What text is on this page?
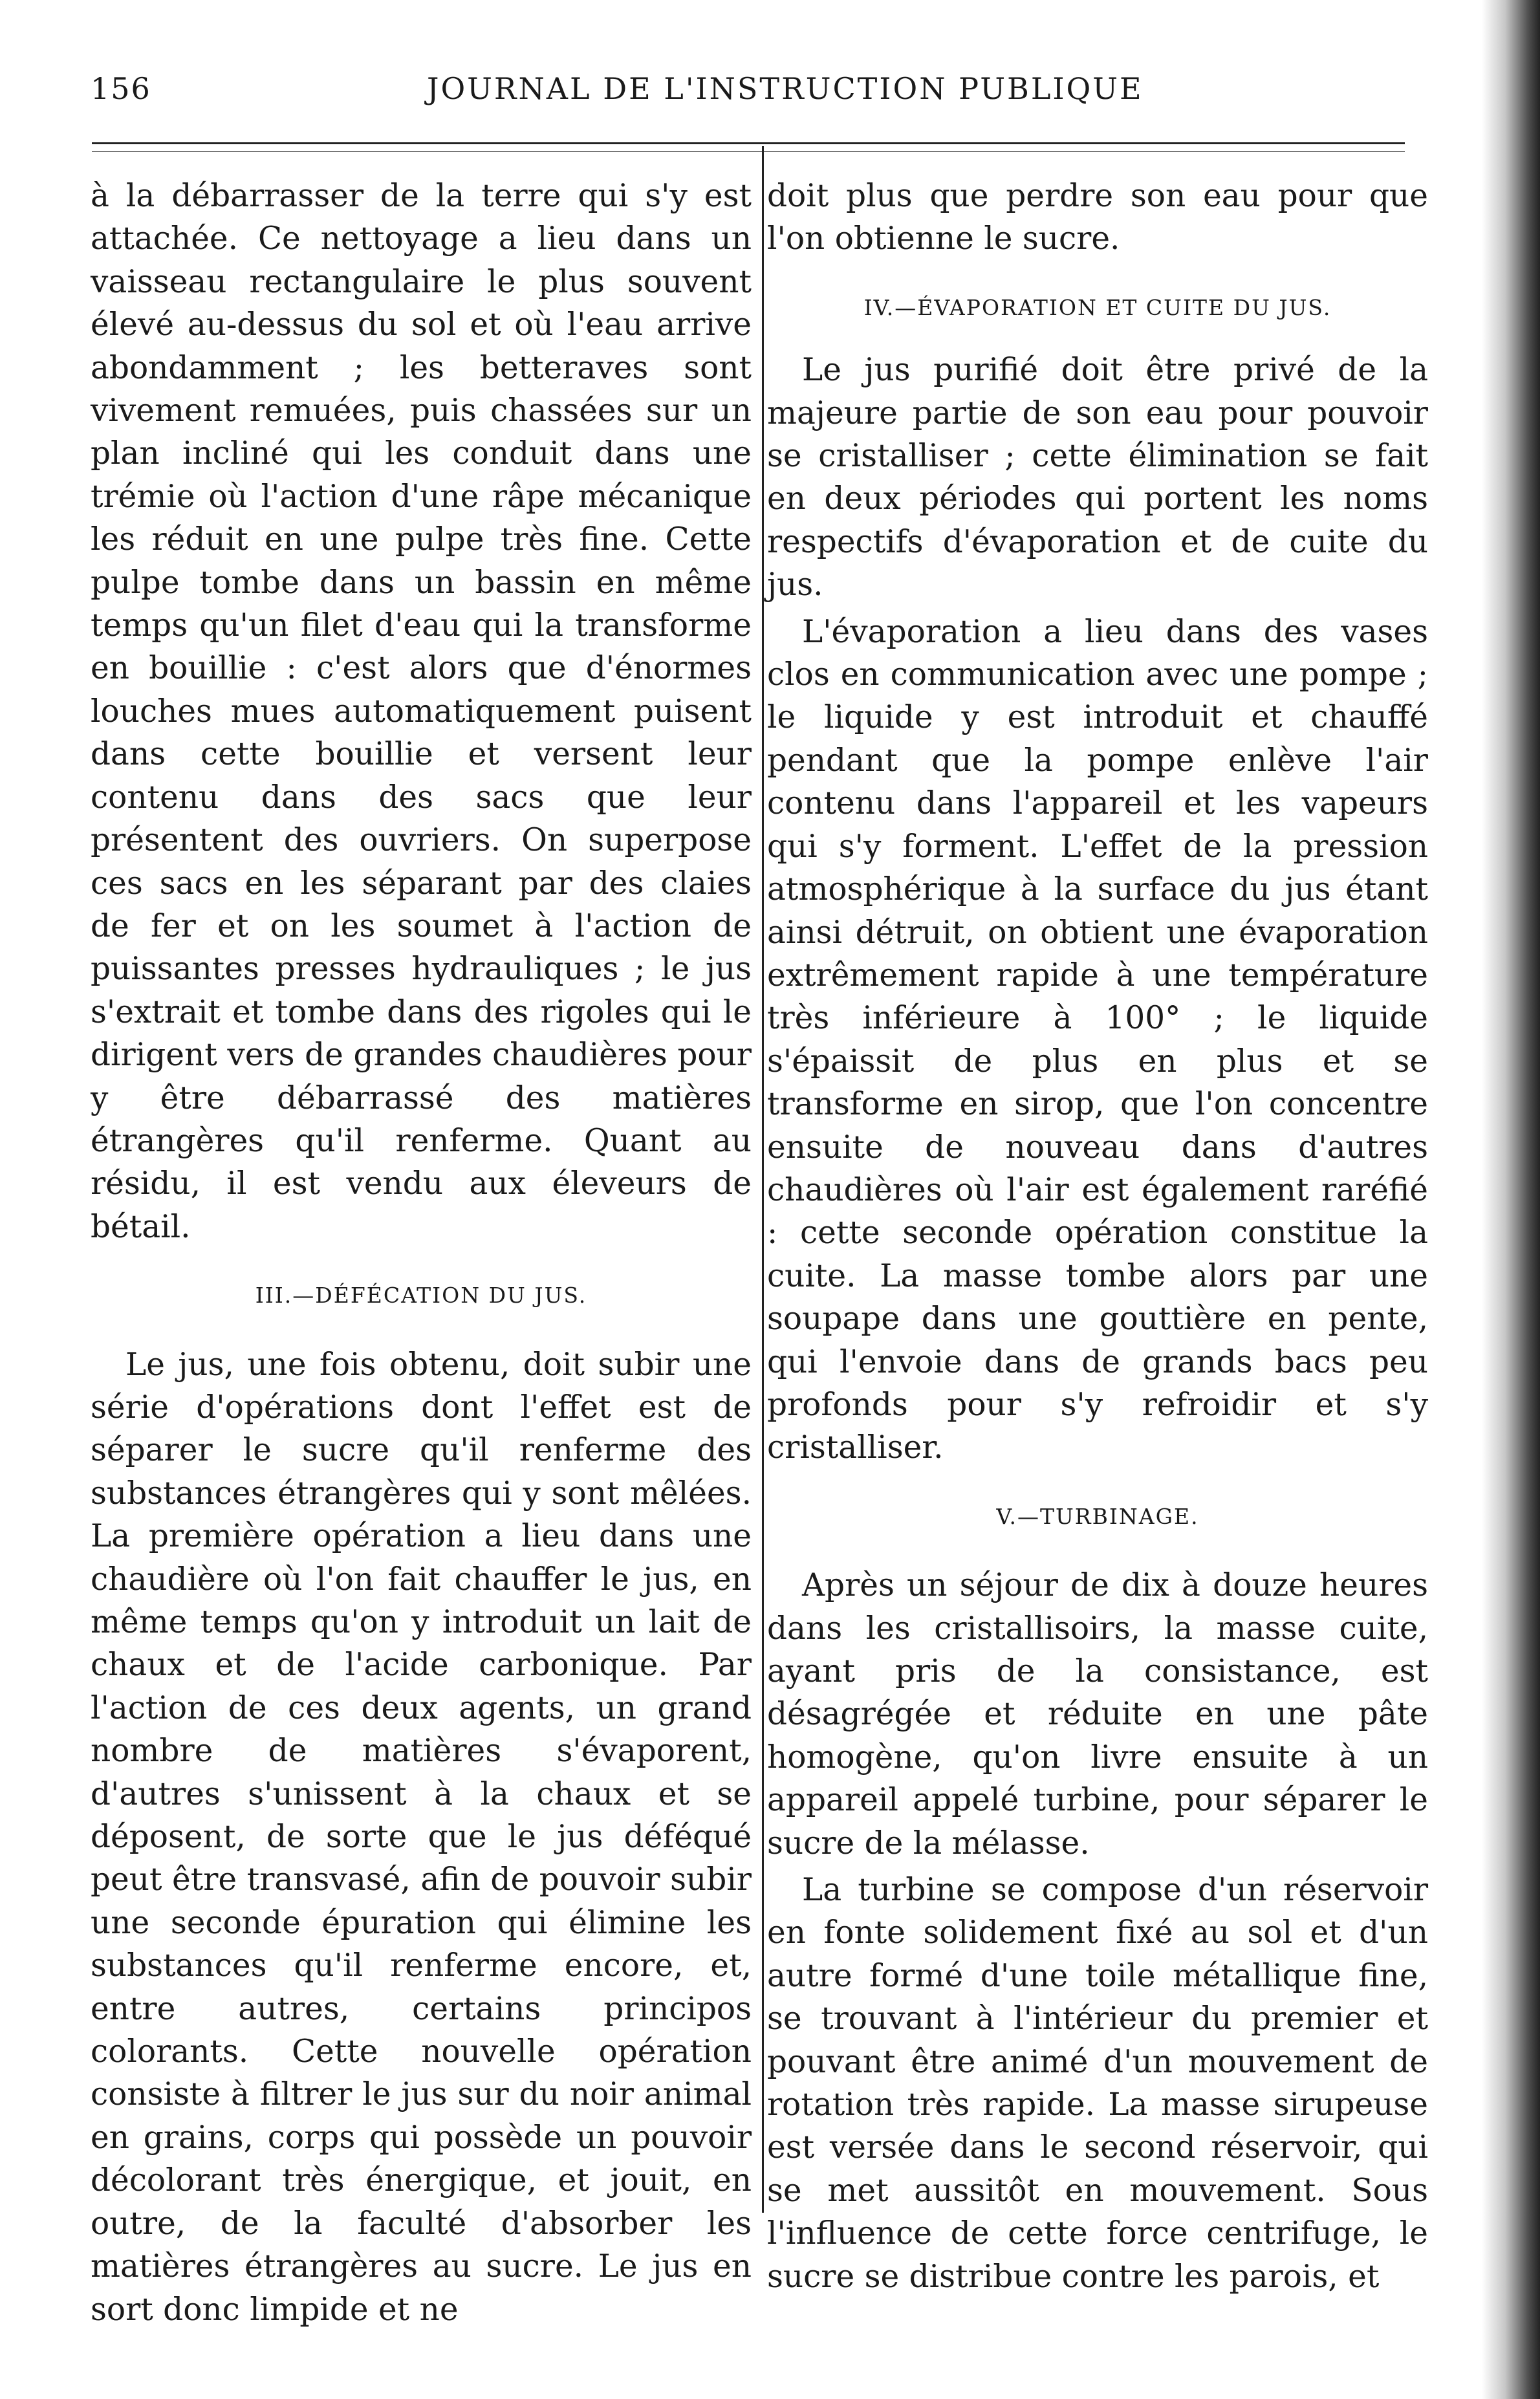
156	JOURNAL DE L'INSTRUCTION PUBLIQUE

à la débarrasser de la terre qui s'y est attachée. Ce nettoyage a lieu dans un vaisseau rectangulaire le plus souvent élevé au-dessus du sol et où l'eau arrive abondamment ; les betteraves sont vivement remuées, puis chassées sur un plan incliné qui les conduit dans une trémie où l'action d'une râpe mécanique les réduit en une pulpe très fine. Cette pulpe tombe dans un bassin en même temps qu'un filet d'eau qui la transforme en bouillie : c'est alors que d'énormes louches mues automatiquement puisent dans cette bouillie et versent leur contenu dans des sacs que leur présentent des ouvriers. On superpose ces sacs en les séparant par des claies de fer et on les soumet à l'action de puissantes presses hydrauliques ; le jus s'extrait et tombe dans des rigoles qui le dirigent vers de grandes chaudières pour y être débarrassé des matières étrangères qu'il renferme. Quant au résidu, il est vendu aux éleveurs de bétail.

III.—DÉFÉCATION DU JUS.

Le jus, une fois obtenu, doit subir une série d'opérations dont l'effet est de séparer le sucre qu'il renferme des substances étrangères qui y sont mêlées. La première opération a lieu dans une chaudière où l'on fait chauffer le jus, en même temps qu'on y introduit un lait de chaux et de l'acide carbonique. Par l'action de ces deux agents, un grand nombre de matières s'évaporent, d'autres s'unissent à la chaux et se déposent, de sorte que le jus déféqué peut être transvasé, afin de pouvoir subir une seconde épuration qui élimine les substances qu'il renferme encore, et, entre autres, certains principos colorants. Cette nouvelle opération consiste à filtrer le jus sur du noir animal en grains, corps qui possède un pouvoir décolorant très énergique, et jouit, en outre, de la faculté d'absorber les matières étrangères au sucre. Le jus en sort donc limpide et ne

doit plus que perdre son eau pour que l'on obtienne le sucre.

IV.—ÉVAPORATION ET CUITE DU JUS.

Le jus purifié doit être privé de la majeure partie de son eau pour pouvoir se cristalliser ; cette élimination se fait en deux périodes qui portent les noms respectifs d'évaporation et de cuite du jus.

L'évaporation a lieu dans des vases clos en communication avec une pompe ; le liquide y est introduit et chauffé pendant que la pompe enlève l'air contenu dans l'appareil et les vapeurs qui s'y forment. L'effet de la pression atmosphérique à la surface du jus étant ainsi détruit, on obtient une évaporation extrêmement rapide à une température très inférieure à 100° ; le liquide s'épaissit de plus en plus et se transforme en sirop, que l'on concentre ensuite de nouveau dans d'autres chaudières où l'air est également raréfié : cette seconde opération constitue la cuite. La masse tombe alors par une soupape dans une gouttière en pente, qui l'envoie dans de grands bacs peu profonds pour s'y refroidir et s'y cristalliser.

V.—TURBINAGE.

Après un séjour de dix à douze heures dans les cristallisoirs, la masse cuite, ayant pris de la consistance, est désagrégée et réduite en une pâte homogène, qu'on livre ensuite à un appareil appelé turbine, pour séparer le sucre de la mélasse.

La turbine se compose d'un réservoir en fonte solidement fixé au sol et d'un autre formé d'une toile métallique fine, se trouvant à l'intérieur du premier et pouvant être animé d'un mouvement de rotation très rapide. La masse sirupeuse est versée dans le second réservoir, qui se met aussitôt en mouvement. Sous l'influence de cette force centrifuge, le sucre se distribue contre les parois, et
